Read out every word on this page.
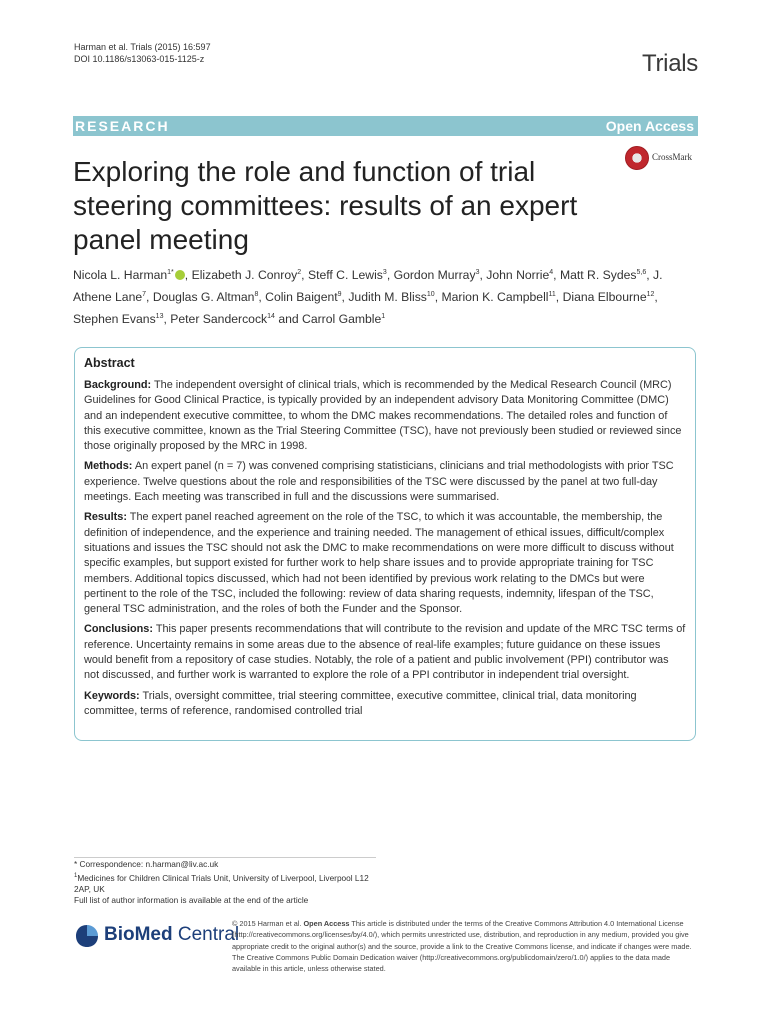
Harman et al. Trials (2015) 16:597
DOI 10.1186/s13063-015-1125-z	Trials
RESEARCH	Open Access
CrossMark
Exploring the role and function of trial steering committees: results of an expert panel meeting
Nicola L. Harman$^{1*}$ , Elizabeth J. Conroy$^2$, Steff C. Lewis$^3$, Gordon Murray$^3$, John Norrie$^4$, Matt R. Sydes$^{5,6}$, J. Athene Lane$^7$, Douglas G. Altman$^8$, Colin Baigent$^9$, Judith M. Bliss$^{10}$, Marion K. Campbell$^{11}$, Diana Elbourne$^{12}$, Stephen Evans$^{13}$, Peter Sandercock$^{14}$ and Carrol Gamble$^1$
Abstract

Background: The independent oversight of clinical trials, which is recommended by the Medical Research Council (MRC) Guidelines for Good Clinical Practice, is typically provided by an independent advisory Data Monitoring Committee (DMC) and an independent executive committee, to whom the DMC makes recommendations. The detailed roles and function of this executive committee, known as the Trial Steering Committee (TSC), have not previously been studied or reviewed since those originally proposed by the MRC in 1998.

Methods: An expert panel (n = 7) was convened comprising statisticians, clinicians and trial methodologists with prior TSC experience. Twelve questions about the role and responsibilities of the TSC were discussed by the panel at two full-day meetings. Each meeting was transcribed in full and the discussions were summarised.

Results: The expert panel reached agreement on the role of the TSC, to which it was accountable, the membership, the definition of independence, and the experience and training needed. The management of ethical issues, difficult/complex situations and issues the TSC should not ask the DMC to make recommendations on were more difficult to discuss without specific examples, but support existed for further work to help share issues and to provide appropriate training for TSC members. Additional topics discussed, which had not been identified by previous work relating to the DMCs but were pertinent to the role of the TSC, included the following: review of data sharing requests, indemnity, lifespan of the TSC, general TSC administration, and the roles of both the Funder and the Sponsor.

Conclusions: This paper presents recommendations that will contribute to the revision and update of the MRC TSC terms of reference. Uncertainty remains in some areas due to the absence of real-life examples; future guidance on these issues would benefit from a repository of case studies. Notably, the role of a patient and public involvement (PPI) contributor was not discussed, and further work is warranted to explore the role of a PPI contributor in independent trial oversight.

Keywords: Trials, oversight committee, trial steering committee, executive committee, clinical trial, data monitoring committee, terms of reference, randomised controlled trial

* Correspondence: n.harman@liv.ac.uk
$^1$Medicines for Children Clinical Trials Unit, University of Liverpool, Liverpool L12 2AP, UK
Full list of author information is available at the end of the article
BioMed Central
© 2015 Harman et al. Open Access This article is distributed under the terms of the Creative Commons Attribution 4.0 International License (http://creativecommons.org/licenses/by/4.0/), which permits unrestricted use, distribution, and reproduction in any medium, provided you give appropriate credit to the original author(s) and the source, provide a link to the Creative Commons license, and indicate if changes were made. The Creative Commons Public Domain Dedication waiver (http://creativecommons.org/publicdomain/zero/1.0/) applies to the data made available in this article, unless otherwise stated.
